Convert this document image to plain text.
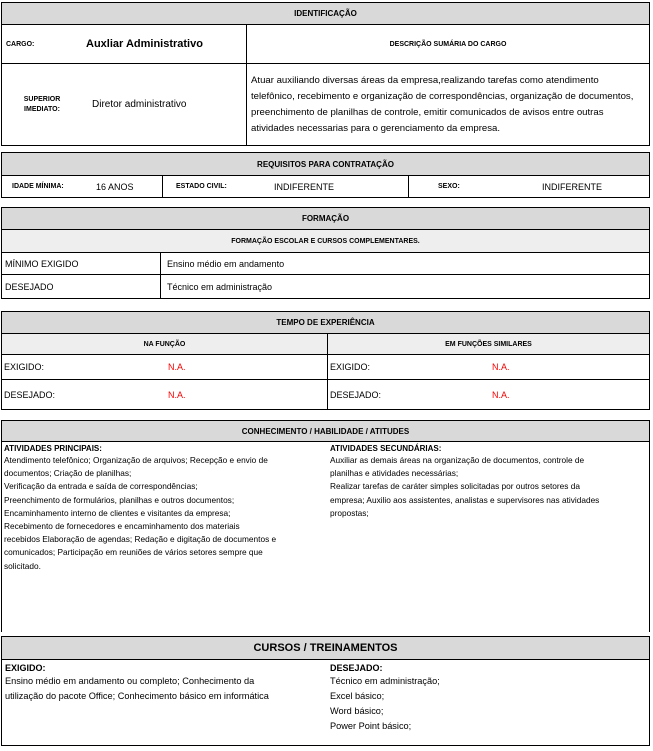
IDENTIFICAÇÃO
CARGO:	Auxliar Administrativo	DESCRIÇÃO SUMÁRIA DO CARGO
SUPERIOR IMEDIATO:	Diretor administrativo
Atuar auxiliando diversas áreas da empresa,realizando tarefas como atendimento telefônico, recebimento e organização de correspondências, organização de documentos, preenchimento de planilhas de controle, emitir comunicados de avisos entre outras atividades necessarias para o gerenciamento da empresa.
REQUISITOS PARA CONTRATAÇÃO
IDADE MÍNIMA:	16 ANOS	ESTADO CIVIL:	INDIFERENTE	SEXO:	INDIFERENTE
FORMAÇÃO
FORMAÇÃO ESCOLAR E CURSOS COMPLEMENTARES.
MÍNIMO EXIGIDO	Ensino médio em andamento
DESEJADO	Técnico em administração
TEMPO DE EXPERIÊNCIA
NA FUNÇÃO	EM FUNÇÕES SIMILARES
EXIGIDO:	N.A.	EXIGIDO:	N.A.
DESEJADO:	N.A.	DESEJADO:	N.A.
CONHECIMENTO / HABILIDADE / ATITUDES
ATIVIDADES PRINCIPAIS:
Atendimento telefônico; Organização de arquivos; Recepção e envio de
documentos; Criação de planilhas;
Verificação da entrada e saída de correspondências;
Preenchimento de formulários, planilhas e outros documentos;
Encaminhamento interno de clientes e visitantes da empresa;
Recebimento de fornecedores e encaminhamento dos materiais
recebidos Elaboração de agendas; Redação e digitação de documentos e
comunicados; Participação em reuniões de vários setores sempre que
solicitado.
ATIVIDADES SECUNDÁRIAS:
Auxiliar as demais áreas na organização de documentos, controle de
planilhas e atividades necessárias;
Realizar tarefas de caráter simples solicitadas por outros setores da
empresa; Auxilio aos assistentes, analistas e supervisores nas atividades
propostas;
CURSOS / TREINAMENTOS
EXIGIDO:
Ensino médio em andamento ou completo; Conhecimento da
utilização do pacote Office; Conhecimento básico em informática
DESEJADO:
Técnico em administração;
Excel básico;
Word básico;
Power Point básico;
